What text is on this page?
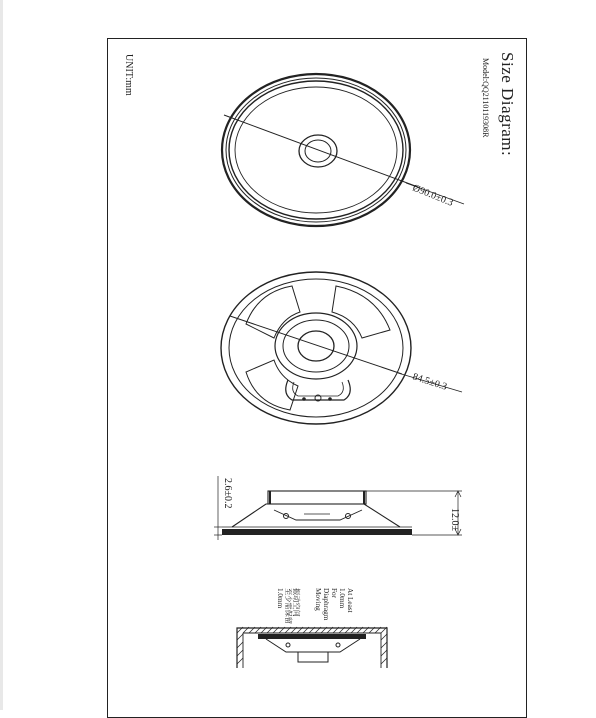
Ø90.0±0.3
84.5±0.3
2.6±0.2
12.0±
Size Diagram:
Model:QQ2110119308R
UNIT:mm
At Least
1.0mm
For
Diaphragm
Moving
振动空间
至少需保留
1.0mm
